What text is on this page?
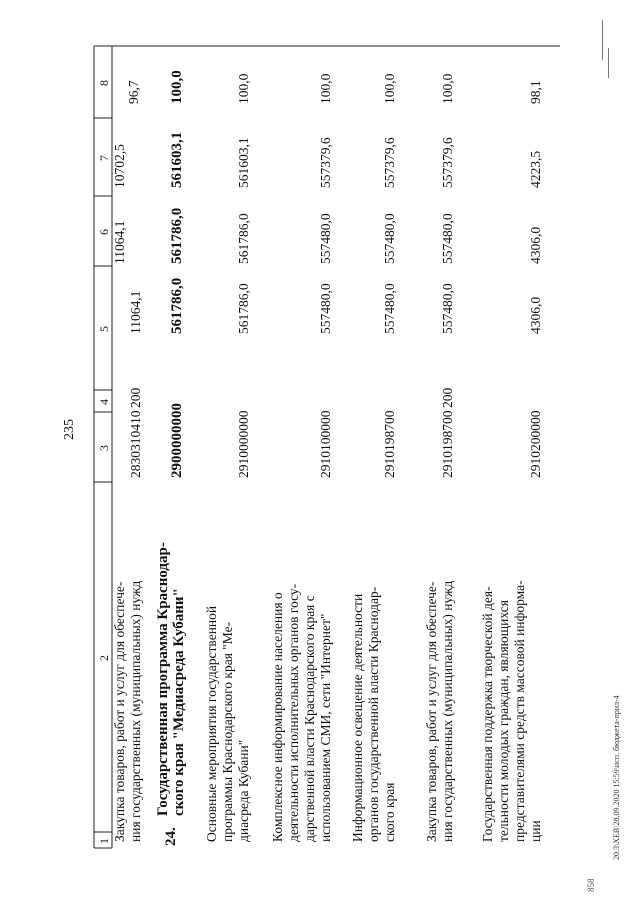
235
1
2
3
4
5
6
7
8
Закупка товаров, работ и услуг для обеспече- ния государственных (муниципальных) нужд
2830310410
200
11064,1
11064,1
10702,5
96,7
24.
Государственная программа Краснодар- ского края "Медиасреда Кубани"
2900000000
561786,0
561786,0
561603,1
100,0
Основные мероприятия государственной программы Краснодарского края "Ме- диасреда Кубани"
2910000000
561786,0
561786,0
561603,1
100,0
Комплексное информирование населения о деятельности исполнительных органов госу- дарственной власти Краснодарского края с использованием СМИ, сети "Интернет"
2910100000
557480,0
557480,0
557379,6
100,0
Информационное освещение деятельности органов государственной власти Краснодар- ского края
2910198700
557480,0
557480,0
557379,6
100,0
Закупка товаров, работ и услуг для обеспече- ния государственных (муниципальных) нужд
2910198700
200
557480,0
557480,0
557379,6
100,0
Государственная поддержка творческой дея- тельности молодых граждан, являющихся представителями средств массовой информа- ции
2910200000
4306,0
4306,0
4223,5
98,1
20.3\ХЕВ\28.09.2020 15:59\нсп. бюджета-прил-4
858
